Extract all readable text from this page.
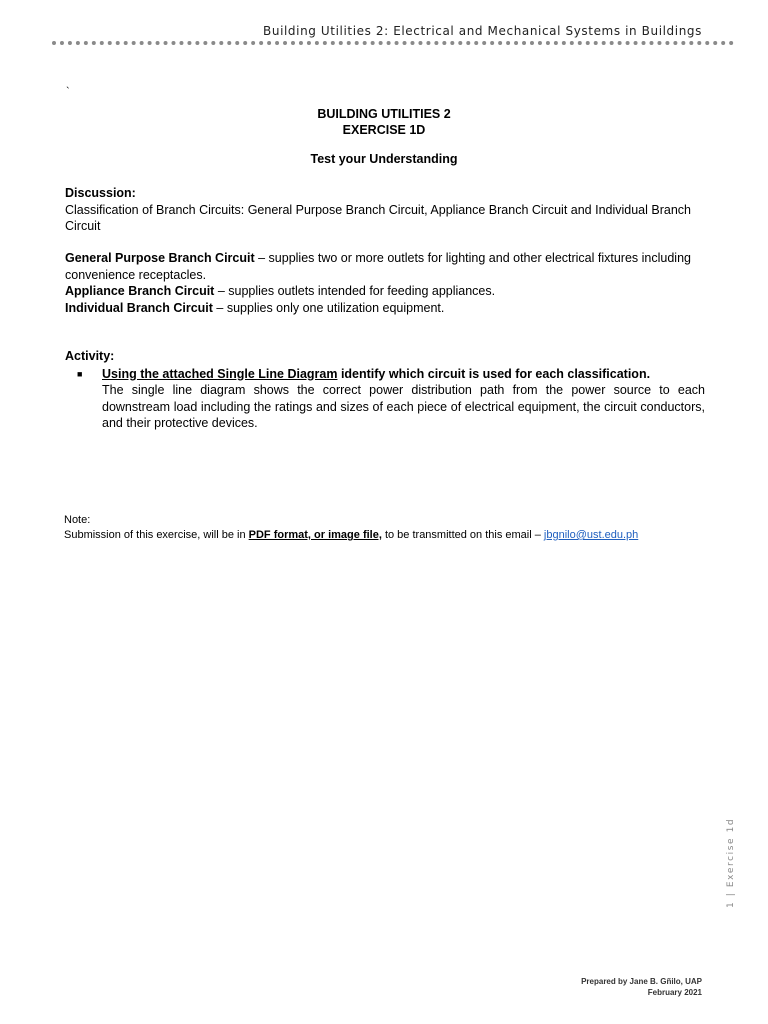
Building Utilities 2: Electrical and Mechanical Systems in Buildings
`
BUILDING UTILITIES 2
EXERCISE 1D
Test your Understanding
Discussion:
Classification of Branch Circuits: General Purpose Branch Circuit, Appliance Branch Circuit and Individual Branch Circuit
General Purpose Branch Circuit – supplies two or more outlets for lighting and other electrical fixtures including convenience receptacles.
Appliance Branch Circuit – supplies outlets intended for feeding appliances.
Individual Branch Circuit – supplies only one utilization equipment.
Activity:
■	Using the attached Single Line Diagram identify which circuit is used for each classification.
The single line diagram shows the correct power distribution path from the power source to each downstream load including the ratings and sizes of each piece of electrical equipment, the circuit conductors, and their protective devices.
Note:
Submission of this exercise, will be in PDF format, or image file, to be transmitted on this email – jbgnilo@ust.edu.ph
1 | Exercise 1d
Prepared by Jane B. Gñilo, UAP
February 2021
